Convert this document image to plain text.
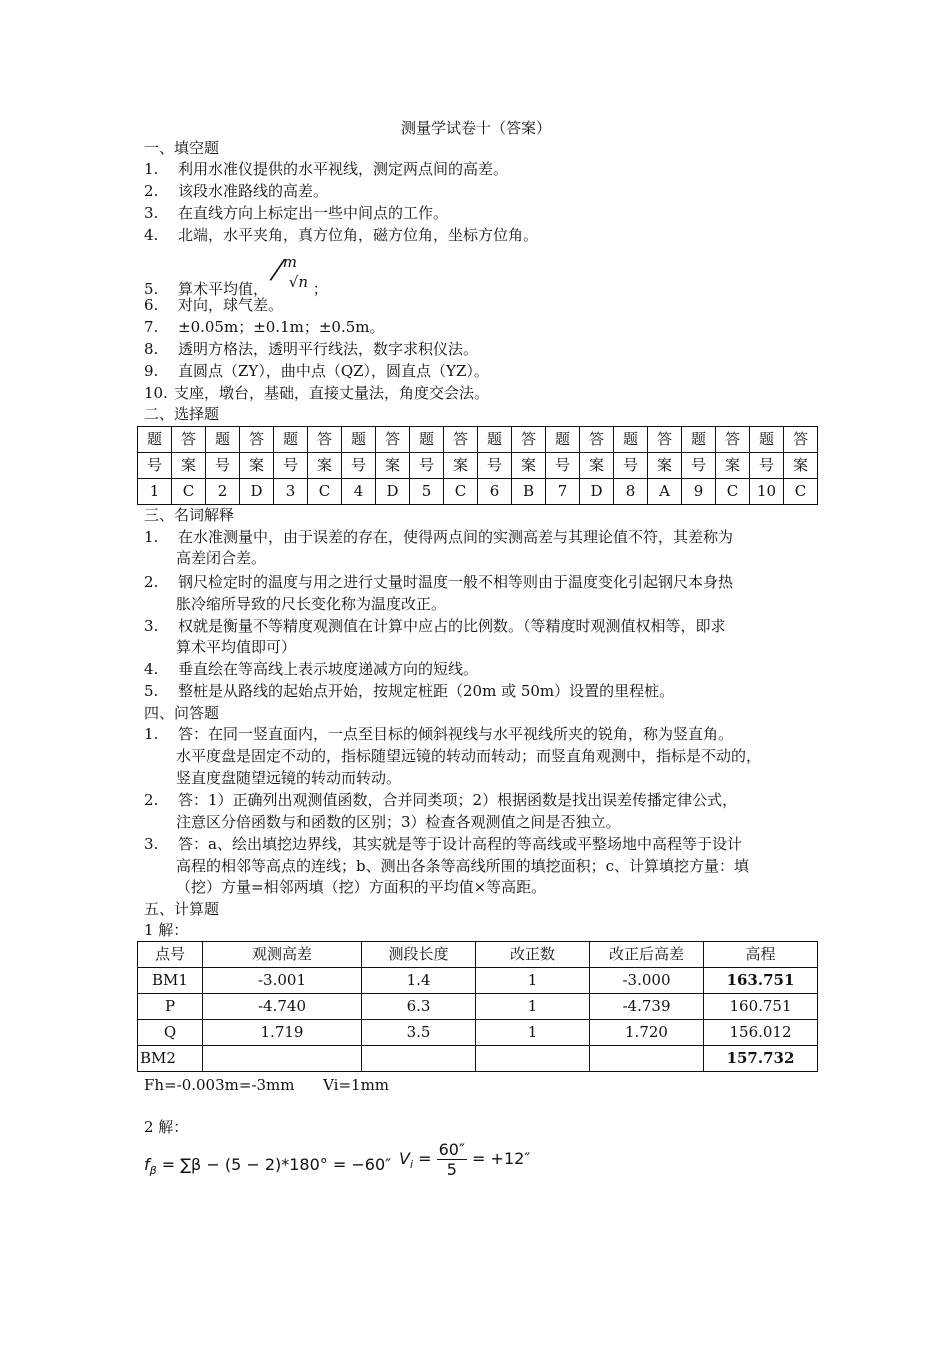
测量学试卷十（答案）
一、填空题
1. 利用水准仪提供的水平视线，测定两点间的高差。
2. 该段水准路线的高差。
3. 在直线方向上标定出一些中间点的工作。
4. 北端，水平夹角，真方位角，磁方位角，坐标方位角。
5. 算术平均值，
m
/ √n ；
6. 对向，球气差。
7. ±0.05m；±0.1m；±0.5m。
8. 透明方格法，透明平行线法，数字求积仪法。
9. 直圆点（ZY），曲中点（QZ），圆直点（YZ）。
10. 支座，墩台，基础，直接丈量法，角度交会法。
二、选择题
题	答	题	答	题	答	题	答	题	答	题	答	题	答	题	答	题	答	题	答
号	案	号	案	号	案	号	案	号	案	号	案	号	案	号	案	号	案	号	案
1	C	2	D	3	C	4	D	5	C	6	B	7	D	8	A	9	C	10	C
三、名词解释
1. 在水准测量中，由于误差的存在，使得两点间的实测高差与其理论值不符，其差称为
高差闭合差。
2. 钢尺检定时的温度与用之进行丈量时温度一般不相等则由于温度变化引起钢尺本身热
胀冷缩所导致的尺长变化称为温度改正。
3. 权就是衡量不等精度观测值在计算中应占的比例数。（等精度时观测值权相等，即求
算术平均值即可）
4. 垂直绘在等高线上表示坡度递减方向的短线。
5. 整桩是从路线的起始点开始，按规定桩距（20m 或 50m）设置的里程桩。
四、问答题
1. 答：在同一竖直面内，一点至目标的倾斜视线与水平视线所夹的锐角，称为竖直角。
水平度盘是固定不动的，指标随望远镜的转动而转动；而竖直角观测中，指标是不动的，
竖直度盘随望远镜的转动而转动。
2. 答：1）正确列出观测值函数，合并同类项；2）根据函数是找出误差传播定律公式，
注意区分倍函数与和函数的区别；3）检查各观测值之间是否独立。
3. 答：a、绘出填挖边界线，其实就是等于设计高程的等高线或平整场地中高程等于设计
高程的相邻等高点的连线；b、测出各条等高线所围的填挖面积；c、计算填挖方量：填
（挖）方量=相邻两填（挖）方面积的平均值×等高距。
五、计算题
1 解：
点号	观测高差	测段长度	改正数	改正后高差	高程
BM1	-3.001	1.4	1	-3.000	163.751
P	-4.740	6.3	1	-4.739	160.751
Q	1.719	3.5	1	1.720	156.012
BM2					157.732
Fh=-0.003m=-3mm      Vi=1mm
2 解：
$f_\beta = \sum\beta - (5 - 2)*180^\circ = -60''$ $V_i = \frac{60''}{5} = +12''$
